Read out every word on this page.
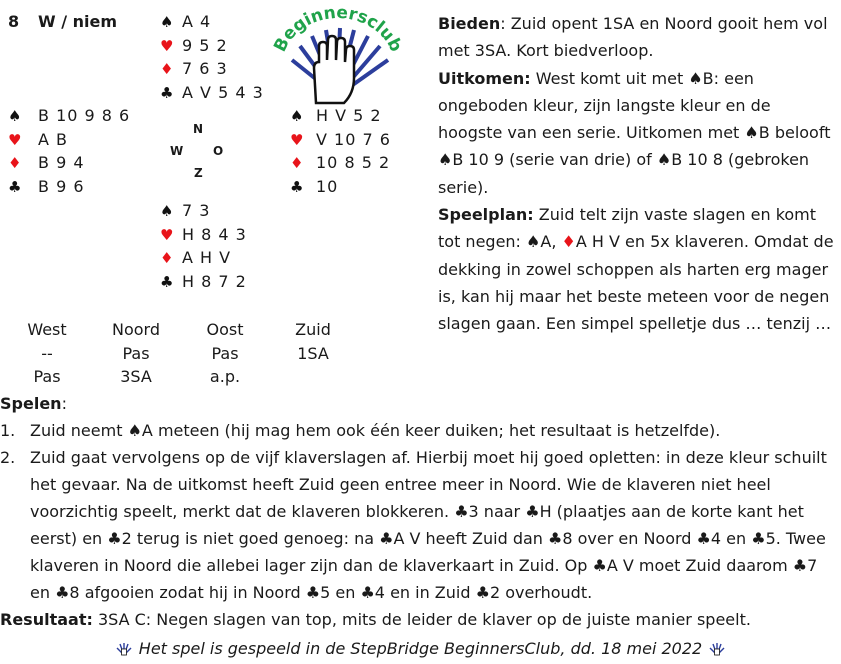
8 W / niem
Beginnersclu
♠ A 4
♥ 9 5 2
♦ 7 6 3
♣ A V 5 4 3
♠ B 10 9 8 6
♥ A B
♦ B 9 4
♣ B 9 6
N
W O
Z
♠ H V 5 2
♥ V 10 7 6
♦ 10 8 5 2
♣ 10
♠ 7 3
♥ H 8 4 3
♦ A H V
♣ H 8 7 2
West
--
Pas
Noord
Pas
3SA
Oost
Pas
a.p.
Zuid
1SA

Bieden: Zuid opent 1SA en Noord gooit hem vol met 3SA. Kort biedverloop.

Uitkomen: West komt uit met ♠B: een ongeboden kleur, zijn langste kleur en de hoogste van een serie. Uitkomen met ♠B belooft ♠B 10 9 (serie van drie) of ♠B 10 8 (gebroken serie).

Speelplan: Zuid telt zijn vaste slagen en komt tot negen: ♠A, ♦A H V en 5x klaveren. Omdat de dekking in zowel schoppen als harten erg mager is, kan hij maar het beste meteen voor de negen slagen gaan. Een simpel spelletje dus … tenzij …

Spelen:
1. Zuid neemt ♠A meteen (hij mag hem ook één keer duiken; het resultaat is hetzelfde).
2. Zuid gaat vervolgens op de vijf klaverslagen af. Hierbij moet hij goed opletten: in deze kleur schuilt het gevaar. Na de uitkomst heeft Zuid geen entree meer in Noord. Wie de klaveren niet heel voorzichtig speelt, merkt dat de klaveren blokkeren. ♣3 naar ♣H (plaatjes aan de korte kant het eerst) en ♣2 terug is niet goed genoeg: na ♣A V heeft Zuid dan ♣8 over en Noord ♣4 en ♣5. Twee klaveren in Noord die allebei lager zijn dan de klaverkaart in Zuid. Op ♣A V moet Zuid daarom ♣7 en ♣8 afgooien zodat hij in Noord ♣5 en ♣4 en in Zuid ♣2 overhoudt.
Resultaat: 3SA C: Negen slagen van top, mits de leider de klaver op de juiste manier speelt.
Het spel is gespeeld in de StepBridge BeginnersClub, dd. 18 mei 2022
